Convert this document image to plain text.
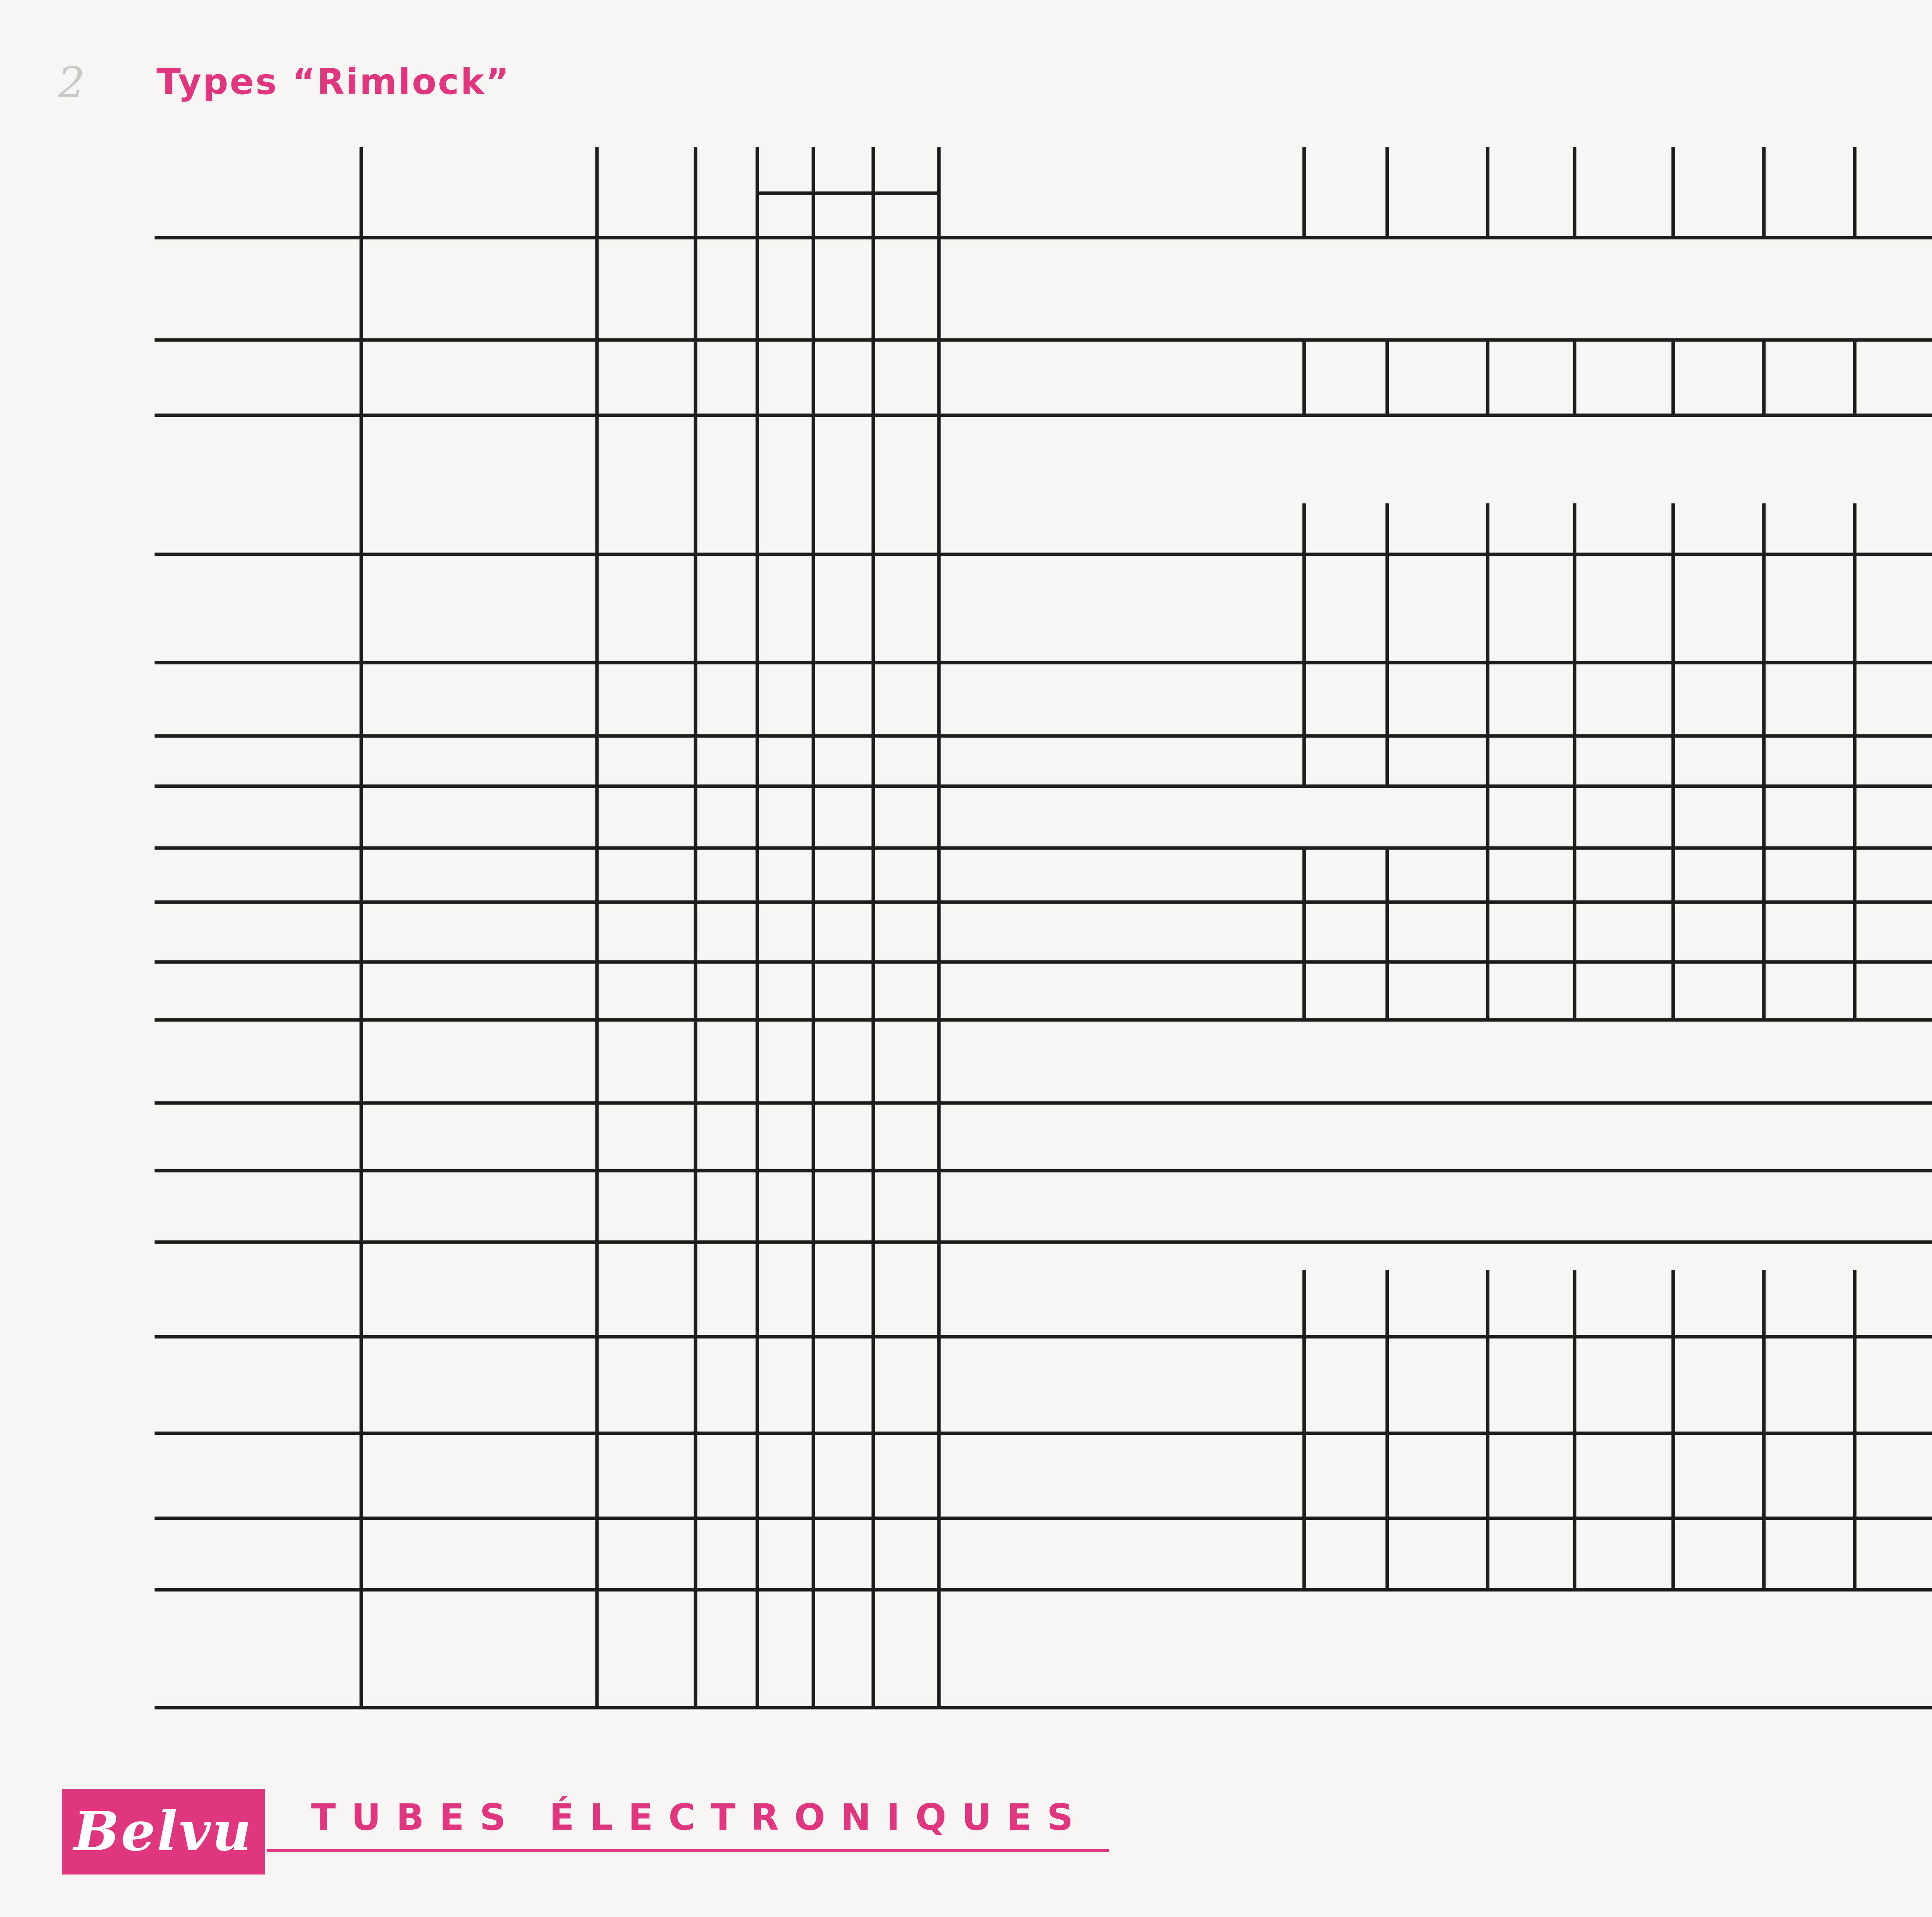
2 Types “Rimlock”
Belvu TUBES ÉLECTRONIQUES
